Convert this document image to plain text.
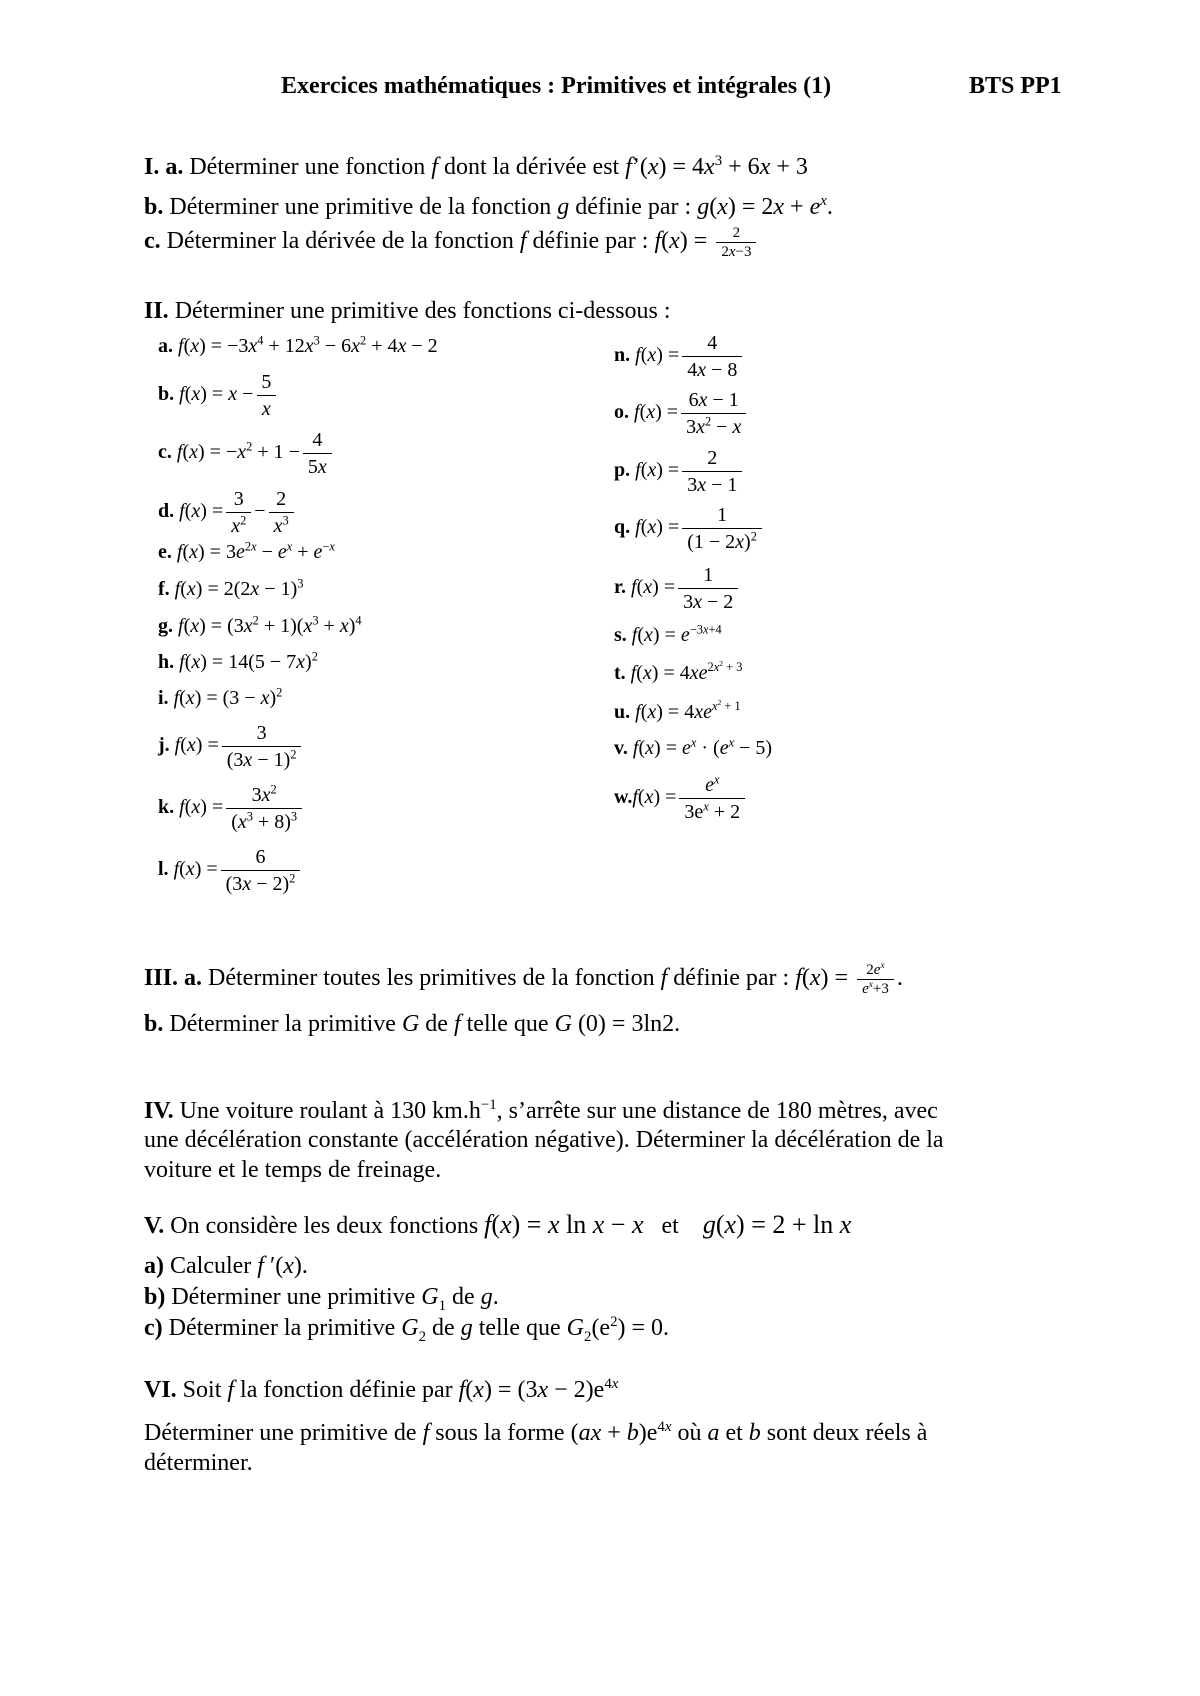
Exercices mathématiques : Primitives et intégrales (1)	BTS PP1
I. a. Déterminer une fonction f dont la dérivée est f’(x) = $4x^3 + 6x + 3$
b. Déterminer une primitive de la fonction g définie par : $g(x) = 2x + e^x$.
c. Déterminer la dérivée de la fonction f définie par : $f(x) = \frac{2}{2x-3}$
II. Déterminer une primitive des fonctions ci-dessous :
a. $f(x) = -3x^4 + 12x^3 - 6x^2 + 4x - 2$
b. $f(x) = x - \frac{5}{x}$
c. $f(x) = -x^2 + 1 - \frac{4}{5x}$
d. $f(x) = \frac{3}{x^2} - \frac{2}{x^3}$
e. $f(x) = 3e^{2x} - e^x + e^{-x}$
f. $f(x) = 2(2x - 1)^3$
g. $f(x) = (3x^2 + 1)(x^3 + x)^4$
h. $f(x) = 14(5 - 7x)^2$
i. $f(x) = (3 - x)^2$
j. $f(x) = \frac{3}{(3x - 1)^2}$
k. $f(x) = \frac{3x^2}{(x^3 + 8)^3}$
l. $f(x) = \frac{6}{(3x - 2)^2}$
n. $f(x) = \frac{4}{4x - 8}$
o. $f(x) = \frac{6x - 1}{3x^2 - x}$
p. $f(x) = \frac{2}{3x - 1}$
q. $f(x) = \frac{1}{(1 - 2x)^2}$
r. $f(x) = \frac{1}{3x - 2}$
s. $f(x) = e^{-3x+4}$
t. $f(x) = 4xe^{2x^2 + 3}$
u. $f(x) = 4xe^{x^2 + 1}$
v. $f(x) = e^x \cdot (e^x - 5)$
$w.f(x) = \frac{e^x}{3e^x + 2}$
III. a. Déterminer toutes les primitives de la fonction f définie par : $f(x) = \frac{2e^x}{e^x+3}$ .
b. Déterminer la primitive G de f telle que G (0) = 3ln2.
IV. Une voiture roulant à 130 $km.h^{-1}$, s’arrête sur une distance de 180 mètres, avec
une décélération constante (accélération négative). Déterminer la décélération de la
voiture et le temps de freinage.
V. On considère les deux fonctions f(x) = x ln x − x et g(x) = 2 + ln x
a) Calculer f ′(x).
b) Déterminer une primitive $G_1$ de g.
c) Déterminer la primitive $G_2$ de g telle que $G_2(e^2) = 0$.
VI. Soit f la fonction définie par $f(x) = (3x - 2)e^{4x}$
Déterminer une primitive de f sous la forme $(ax + b)e^{4x}$ où a et b sont deux réels à
déterminer.
